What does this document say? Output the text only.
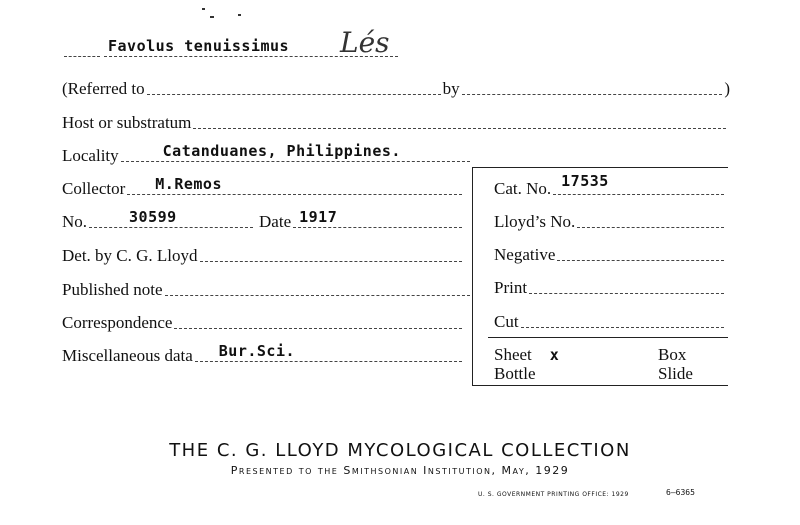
Favolus tenuissimus Lés
(Referred to	by	)
Host or substratum
Locality	Catanduanes, Philippines.
Collector M.Remos	Cat. No. 17535
No.	30599	Date 1917	Lloyd’s No.
Det. by C. G. Lloyd	Negative
Published note	Print
Correspondence	Cut
Miscellaneous data Bur.Sci.	Sheet x	Box
Bottle	Slide
THE C. G. LLOYD MYCOLOGICAL COLLECTION
Presented to the Smithsonian Institution, May, 1929
U. S. GOVERNMENT PRINTING OFFICE: 1929	6—6365
